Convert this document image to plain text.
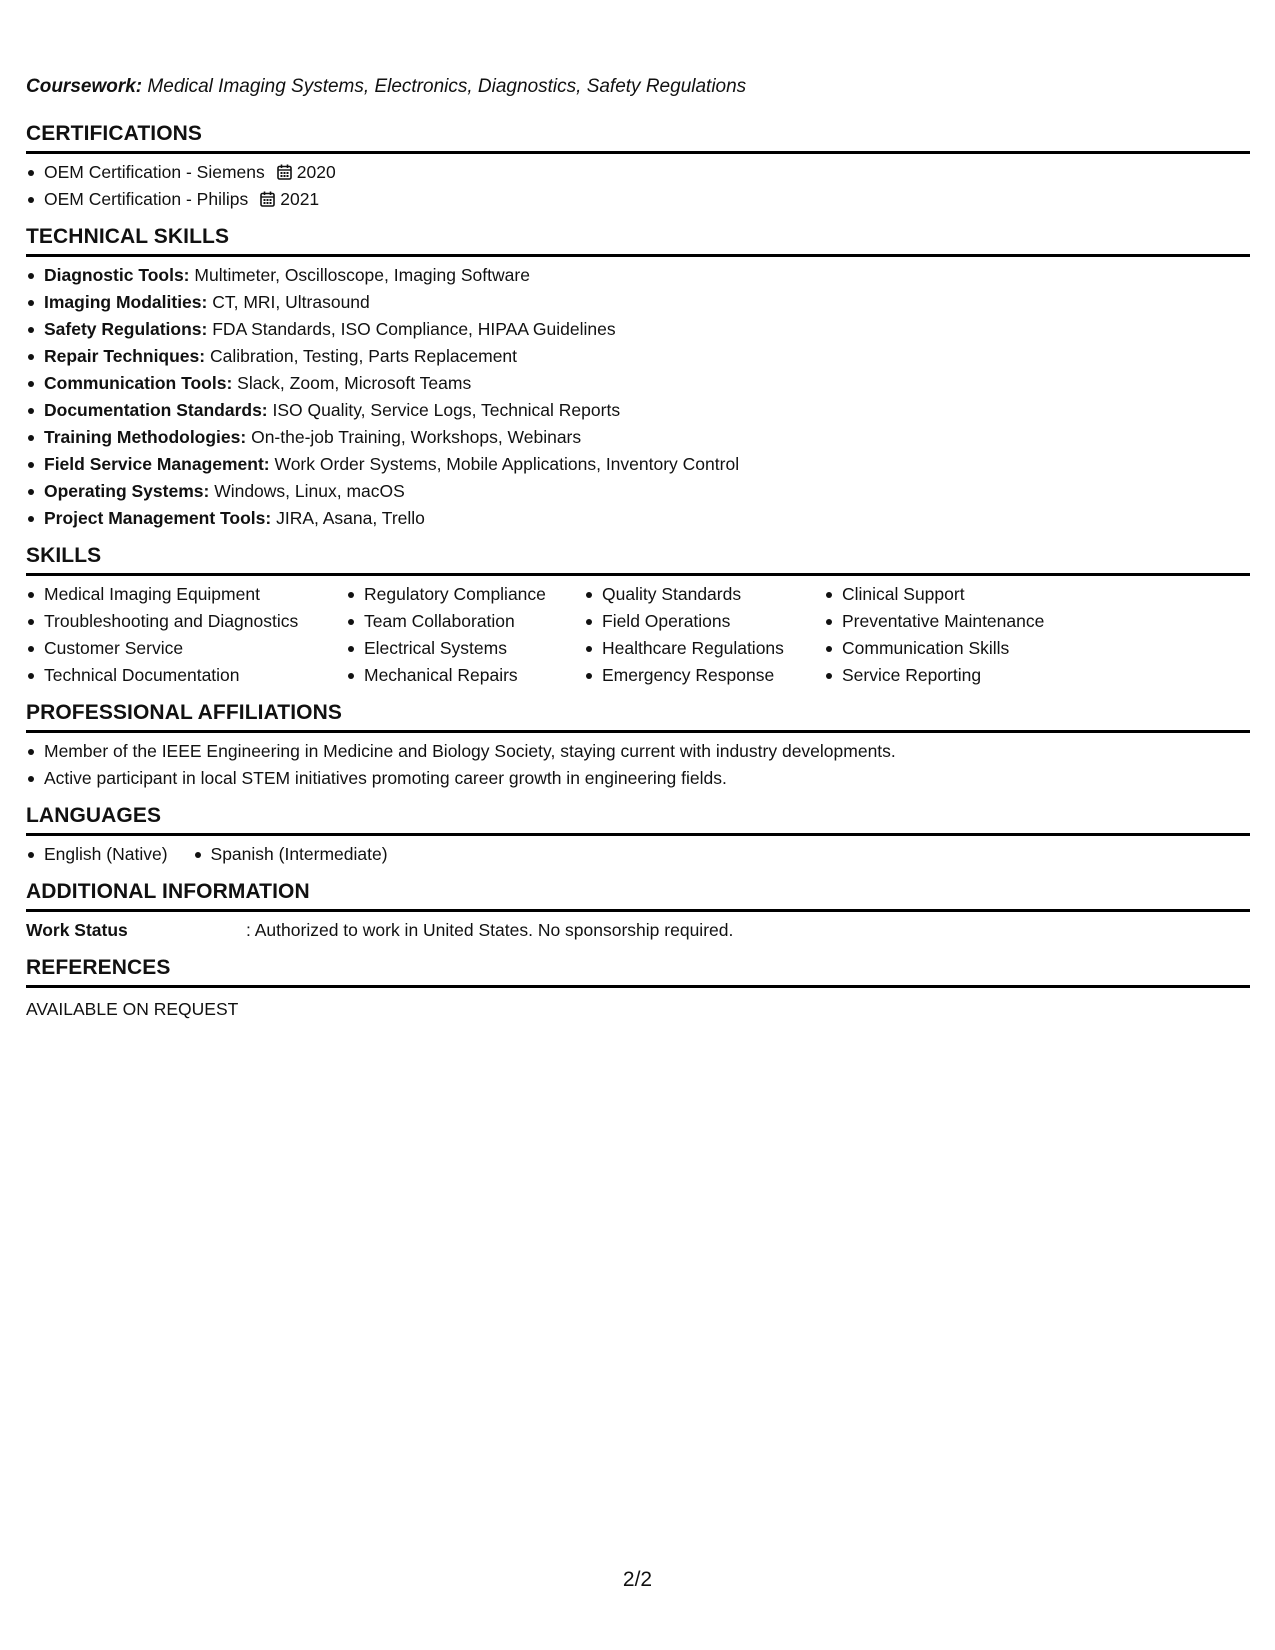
Coursework: Medical Imaging Systems, Electronics, Diagnostics, Safety Regulations
CERTIFICATIONS
OEM Certification - Siemens 2020
OEM Certification - Philips 2021
TECHNICAL SKILLS
Diagnostic Tools: Multimeter, Oscilloscope, Imaging Software
Imaging Modalities: CT, MRI, Ultrasound
Safety Regulations: FDA Standards, ISO Compliance, HIPAA Guidelines
Repair Techniques: Calibration, Testing, Parts Replacement
Communication Tools: Slack, Zoom, Microsoft Teams
Documentation Standards: ISO Quality, Service Logs, Technical Reports
Training Methodologies: On-the-job Training, Workshops, Webinars
Field Service Management: Work Order Systems, Mobile Applications, Inventory Control
Operating Systems: Windows, Linux, macOS
Project Management Tools: JIRA, Asana, Trello
SKILLS
Medical Imaging Equipment
Troubleshooting and Diagnostics
Customer Service
Technical Documentation
Regulatory Compliance
Team Collaboration
Electrical Systems
Mechanical Repairs
Quality Standards
Field Operations
Healthcare Regulations
Emergency Response
Clinical Support
Preventative Maintenance
Communication Skills
Service Reporting
PROFESSIONAL AFFILIATIONS
Member of the IEEE Engineering in Medicine and Biology Society, staying current with industry developments.
Active participant in local STEM initiatives promoting career growth in engineering fields.
LANGUAGES
English (Native)	Spanish (Intermediate)
ADDITIONAL INFORMATION
Work Status	: Authorized to work in United States. No sponsorship required.
REFERENCES
AVAILABLE ON REQUEST
2/2
